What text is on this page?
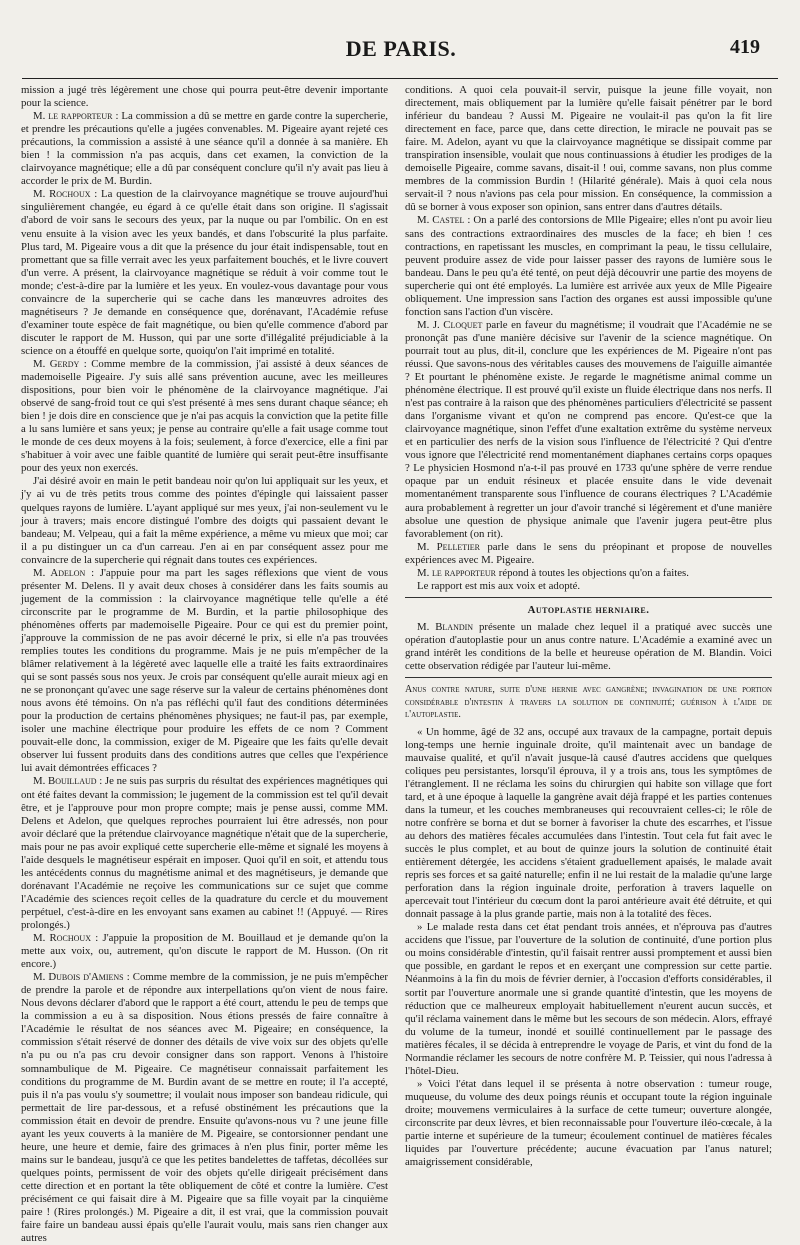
DE PARIS.	419

mission a jugé très légèrement une chose qui pourra peut-être devenir importante pour la science.

M. le rapporteur : La commission a dû se mettre en garde contre la supercherie, et prendre les précautions qu'elle a jugées convenables. M. Pigeaire ayant rejeté ces précautions, la commission a assisté à une séance qu'il a donnée à sa manière. Eh bien ! la commission n'a pas acquis, dans cet examen, la conviction de la clairvoyance magnétique; elle a dû par conséquent conclure qu'il n'y avait pas lieu à accorder le prix de M. Burdin.

M. Rochoux : La question de la clairvoyance magnétique se trouve aujourd'hui singulièrement changée, eu égard à ce qu'elle était dans son origine. Il s'agissait d'abord de voir sans le secours des yeux, par la nuque ou par l'ombilic. On en est venu ensuite à la vision avec les yeux bandés, et dans l'obscurité la plus parfaite. Plus tard, M. Pigeaire vous a dit que la présence du jour était indispensable, tout en promettant que sa fille verrait avec les yeux parfaitement bouchés, et le livre couvert d'un verre. A présent, la clairvoyance magnétique se réduit à voir comme tout le monde; c'est-à-dire par la lumière et les yeux. En voulez-vous davantage pour vous convaincre de la supercherie qui se cache dans les manœuvres adroites des magnétiseurs ? Je demande en conséquence que, dorénavant, l'Académie refuse d'examiner toute espèce de fait magnétique, ou bien qu'elle commence d'abord par discuter le rapport de M. Husson, qui par une sorte d'illégalité préjudiciable à la science on a étouffé en quelque sorte, quoiqu'on l'ait imprimé en totalité.

M. Gerdy : Comme membre de la commission, j'ai assisté à deux séances de mademoiselle Pigeaire. J'y suis allé sans prévention aucune, avec les meilleures dispositions, pour bien voir le phénomène de la clairvoyance magnétique. J'ai observé de sang-froid tout ce qui s'est présenté à mes sens durant chaque séance; eh bien ! je dois dire en conscience que je n'ai pas acquis la conviction que la petite fille a lu sans lumière et sans yeux; je pense au contraire qu'elle a fait usage comme tout le monde de ces deux moyens à la fois; seulement, à force d'exercice, elle a fini par s'habituer à voir avec une faible quantité de lumière qui serait peut-être insuffisante pour des yeux non exercés.

J'ai désiré avoir en main le petit bandeau noir qu'on lui appliquait sur les yeux, et j'y ai vu de très petits trous comme des pointes d'épingle qui laissaient passer quelques rayons de lumière. L'ayant appliqué sur mes yeux, j'ai non-seulement vu le jour à travers; mais encore distingué l'ombre des doigts qui passaient devant le bandeau; M. Velpeau, qui a fait la même expérience, a même vu mieux que moi; car il a pu distinguer un ca d'un carreau. J'en ai en par conséquent assez pour me convaincre de la supercherie qui régnait dans toutes ces expériences.

M. Adelon : J'appuie pour ma part les sages réflexions que vient de vous présenter M. Delens. Il y avait deux choses à considérer dans les faits soumis au jugement de la commission : la clairvoyance magnétique telle qu'elle a été circonscrite par le programme de M. Burdin, et la partie philosophique des phénomènes offerts par mademoiselle Pigeaire. Pour ce qui est du premier point, j'approuve la commission de ne pas avoir décerné le prix, si elle n'a pas trouvées remplies toutes les conditions du programme. Mais je ne puis m'empêcher de la blâmer relativement à la légèreté avec laquelle elle a traité les faits extraordinaires qui se sont passés sous nos yeux. Je crois par conséquent qu'elle aurait mieux agi en ne se prononçant qu'avec une sage réserve sur la valeur de certains phénomènes dont nous avons été témoins. On n'a pas réfléchi qu'il faut des conditions déterminées pour la production de certains phénomènes physiques; ne faut-il pas, par exemple, isoler une machine électrique pour produire les effets de ce nom ? Comment pouvait-elle donc, la commission, exiger de M. Pigeaire que les faits qu'elle devait observer lui fussent produits dans des conditions autres que celles que l'expérience lui avait démontrées efficaces ?

M. Bouillaud : Je ne suis pas surpris du résultat des expériences magnétiques qui ont été faites devant la commission; le jugement de la commission est tel qu'il devait être, et je l'approuve pour mon propre compte; mais je pense aussi, comme MM. Delens et Adelon, que quelques reproches pourraient lui être adressés, non pour avoir déclaré que la prétendue clairvoyance magnétique n'était que de la supercherie, mais pour ne pas avoir expliqué cette supercherie elle-même et signalé les moyens à l'aide desquels le magnétiseur espérait en imposer. Quoi qu'il en soit, et attendu tous les antécédents connus du magnétisme animal et des magnétiseurs, je demande que dorénavant l'Académie ne reçoive les communications sur ce sujet que comme l'Académie des sciences reçoit celles de la quadrature du cercle et du mouvement perpétuel, c'est-à-dire en les envoyant sans examen au cabinet !! (Appuyé. — Rires prolongés.)

M. Rochoux : J'appuie la proposition de M. Bouillaud et je demande qu'on la mette aux voix, ou, autrement, qu'on discute le rapport de M. Husson. (On rit encore.)

M. Dubois d'Amiens : Comme membre de la commission, je ne puis m'empêcher de prendre la parole et de répondre aux interpellations qu'on vient de nous faire. Nous devons déclarer d'abord que le rapport a été court, attendu le peu de temps que la commission a eu à sa disposition. Nous étions pressés de faire connaître à l'Académie le résultat de nos séances avec M. Pigeaire; en conséquence, la commission s'était réservé de donner des détails de vive voix sur des objets qu'elle n'a pu ou n'a pas cru devoir consigner dans son rapport. Venons à l'histoire somnambulique de M. Pigeaire. Ce magnétiseur connaissait parfaitement les conditions du programme de M. Burdin avant de se mettre en route; il l'a accepté, puis il n'a pas voulu s'y soumettre; il voulait nous imposer son bandeau ridicule, qui permettait de lire par-dessous, et a refusé obstinément les précautions que la commission était en devoir de prendre. Ensuite qu'avons-nous vu ? une jeune fille ayant les yeux couverts à la manière de M. Pigeaire, se contorsionner pendant une heure, une heure et demie, faire des grimaces à n'en plus finir, porter même les mains sur le bandeau, jusqu'à ce que les petites bandelettes de taffetas, décollées sur quelques points, permissent de voir des objets qu'elle dirigeait précisément dans cette direction et en portant la tête obliquement de côté et contre la lumière. C'est précisément ce qui faisait dire à M. Pigeaire que sa fille voyait par la cinquième paire ! (Rires prolongés.) M. Pigeaire a dit, il est vrai, que la commission pouvait faire faire un bandeau aussi épais qu'elle l'aurait voulu, mais sans rien changer aux autres

conditions. A quoi cela pouvait-il servir, puisque la jeune fille voyait, non directement, mais obliquement par la lumière qu'elle faisait pénétrer par le bord inférieur du bandeau ? Aussi M. Pigeaire ne voulait-il pas qu'on la fit lire directement en face, parce que, dans cette direction, le miracle ne pouvait pas se faire. M. Adelon, ayant vu que la clairvoyance magnétique se dissipait comme par transpiration insensible, voulait que nous continuassions à étudier les prodiges de la demoiselle Pigeaire, comme savans, disait-il ! oui, comme savans, non plus comme membres de la commission Burdin ! (Hilarité générale). Mais à quoi cela nous servait-il ? nous n'avions pas cela pour mission. En conséquence, la commission a dû se borner à vous exposer son opinion, sans entrer dans d'autres détails.

M. Castel : On a parlé des contorsions de Mlle Pigeaire; elles n'ont pu avoir lieu sans des contractions extraordinaires des muscles de la face; eh bien ! ces contractions, en rapetissant les muscles, en comprimant la peau, le tissu cellulaire, peuvent produire assez de vide pour laisser passer des rayons de lumière sous le bandeau. Dans le peu qu'a été tenté, on peut déjà découvrir une partie des moyens de supercherie qui ont été employés. La lumière est arrivée aux yeux de Mlle Pigeaire obliquement. Une impression sans l'action des organes est aussi impossible qu'une fonction sans l'action d'un viscère.

M. J. Cloquet parle en faveur du magnétisme; il voudrait que l'Académie ne se prononçât pas d'une manière décisive sur l'avenir de la science magnétique. On pourrait tout au plus, dit-il, conclure que les expériences de M. Pigeaire n'ont pas réussi. Que savons-nous des véritables causes des mouvemens de l'aiguille aimantée ? Et pourtant le phénomène existe. Je regarde le magnétisme animal comme un phénomène électrique. Il est prouvé qu'il existe un fluide électrique dans nos nerfs. Il n'est pas contraire à la raison que des phénomènes particuliers d'électricité se passent dans l'organisme vivant et qu'on ne comprend pas encore. Qu'est-ce que la clairvoyance magnétique, sinon l'effet d'une exaltation extrême du système nerveux et en particulier des nerfs de la vision sous l'influence de l'électricité ? Qui d'entre vous ignore que l'électricité rend momentanément diaphanes certains corps opaques ? Le physicien Hosmond n'a-t-il pas prouvé en 1733 qu'une sphère de verre rendue opaque par un enduit résineux et placée ensuite dans le vide devenait momentanément transparente sous l'influence de courans électriques ? L'Académie aura probablement à regretter un jour d'avoir tranché si légèrement et d'une manière absolue une question de physique animale que l'avenir jugera peut-être plus favorablement (on rit).

M. Pelletier parle dans le sens du préopinant et propose de nouvelles expériences avec M. Pigeaire.

M. le rapporteur répond à toutes les objections qu'on a faites.

Le rapport est mis aux voix et adopté.

Autoplastie herniaire.

M. Blandin présente un malade chez lequel il a pratiqué avec succès une opération d'autoplastie pour un anus contre nature. L'Académie a examiné avec un grand intérêt les conditions de la belle et heureuse opération de M. Blandin. Voici cette observation rédigée par l'auteur lui-même.

Anus contre nature, suite d'une hernie avec gangrène; invagination de une portion considérable d'intestin à travers la solution de continuité; guérison à l'aide de l'autoplastie.

« Un homme, âgé de 32 ans, occupé aux travaux de la campagne, portait depuis long-temps une hernie inguinale droite, qu'il maintenait avec un bandage de mauvaise qualité, et qu'il n'avait jusque-là causé d'autres accidens que quelques coliques peu persistantes, lorsqu'il éprouva, il y a trois ans, tous les symptômes de l'étranglement. Il ne réclama les soins du chirurgien qui habite son village que fort tard, et à une époque à laquelle la gangrène avait déjà frappé et les parties contenues dans la tumeur, et les couches membraneuses qui recouvraient celles-ci; le rôle de notre confrère se borna et dut se borner à favoriser la chute des escarrhes, et l'issue au dehors des matières fécales accumulées dans l'intestin. Tout cela fut fait avec le succès le plus complet, et au bout de quinze jours la solution de continuité était entièrement détergée, les accidens s'étaient graduellement apaisés, le malade avait repris ses forces et sa gaité naturelle; enfin il ne lui restait de la maladie qu'une large perforation dans la région inguinale droite, perforation à travers laquelle on apercevait tout l'intérieur du cœcum dont la paroi antérieure avait été détruite, et qui donnait passage à la plus grande partie, mais non à la totalité des fèces.

» Le malade resta dans cet état pendant trois années, et n'éprouva pas d'autres accidens que l'issue, par l'ouverture de la solution de continuité, d'une portion plus ou moins considérable d'intestin, qu'il faisait rentrer aussi promptement et aussi bien que possible, en gardant le repos et en exerçant une compression sur cette partie. Néanmoins à la fin du mois de février dernier, à l'occasion d'efforts considérables, il sortit par l'ouverture anormale une si grande quantité d'intestin, que les moyens de réduction que ce malheureux employait habituellement n'eurent aucun succès, et qu'il réclama vainement dans le même but les secours de son médecin. Alors, effrayé du volume de la tumeur, inondé et souillé continuellement par le passage des matières fécales, il se décida à entreprendre le voyage de Paris, et vint du fond de la Normandie réclamer les secours de notre confrère M. P. Teissier, qui nous l'adressa à l'hôtel-Dieu.

» Voici l'état dans lequel il se présenta à notre observation : tumeur rouge, muqueuse, du volume des deux poings réunis et occupant toute la région inguinale droite; mouvemens vermiculaires à la surface de cette tumeur; ouverture alongée, circonscrite par deux lèvres, et bien reconnaissable pour l'ouverture iléo-cœcale, à la partie interne et supérieure de la tumeur; écoulement continuel de matières fécales liquides par l'ouverture précédente; aucune évacuation par l'anus naturel; amaigrissement considérable,
